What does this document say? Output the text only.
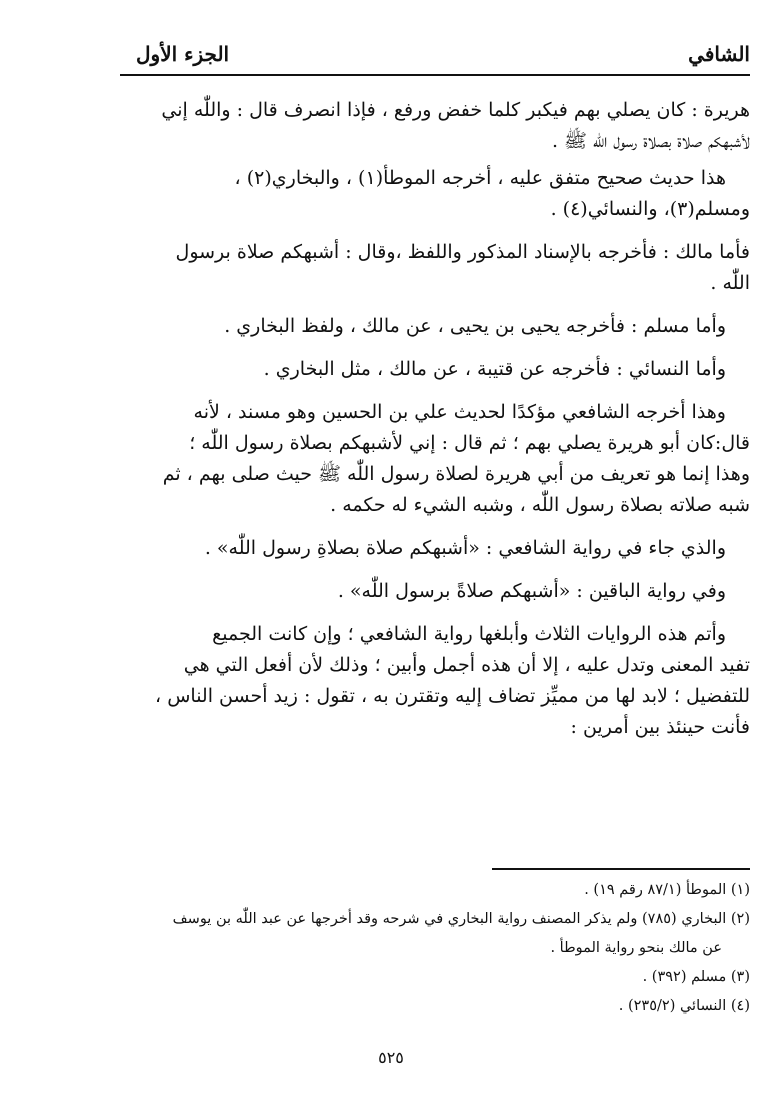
الشافي
الجزء الأول
هريرة : كان يصلي بهم فيكبر كلما خفض ورفع ، فإذا انصرف قال : واللّٰه إني
لأشبهكم صلاة بصلاة رسول اللّٰه ﷺ .
هذا حديث صحيح متفق عليه ، أخرجه الموطأ(١) ، والبخاري(٢) ،
ومسلم(٣)، والنسائي(٤) .
فأما مالك : فأخرجه بالإسناد المذكور واللفظ ،وقال : أشبهكم صلاة برسول
اللّٰه .
وأما مسلم : فأخرجه يحيى بن يحيى ، عن مالك ، ولفظ البخاري .
وأما النسائي : فأخرجه عن قتيبة ، عن مالك ، مثل البخاري .
وهذا أخرجه الشافعي مؤكدًا لحديث علي بن الحسين وهو مسند ، لأنه
قال:كان أبو هريرة يصلي بهم ؛ ثم قال : إني لأشبهكم بصلاة رسول اللّٰه ؛
وهذا إنما هو تعريف من أبي هريرة لصلاة رسول اللّٰه ﷺ حيث صلى بهم ، ثم
شبه صلاته بصلاة رسول اللّٰه ، وشبه الشيء له حكمه .
والذي جاء في رواية الشافعي : «أشبهكم صلاة بصلاةِ رسول اللّٰه» .
وفي رواية الباقين : «أشبهكم صلاةً برسول اللّٰه» .
وأتم هذه الروايات الثلاث وأبلغها رواية الشافعي ؛ وإن كانت الجميع
تفيد المعنى وتدل عليه ، إلا أن هذه أجمل وأبين ؛ وذلك لأن أفعل التي هي
للتفضيل ؛ لابد لها من مميِّز تضاف إليه وتقترن به ، تقول : زيد أحسن الناس ،
فأنت حينئذ بين أمرين :
(١) الموطأ (٨٧/١ رقم ١٩) .
(٢) البخاري (٧٨٥) ولم يذكر المصنف رواية البخاري في شرحه وقد أخرجها عن عبد اللّٰه بن يوسف
عن مالك بنحو رواية الموطأ .
(٣) مسلم (٣٩٢) .
(٤) النسائي (٢٣٥/٢) .
٥٢٥
